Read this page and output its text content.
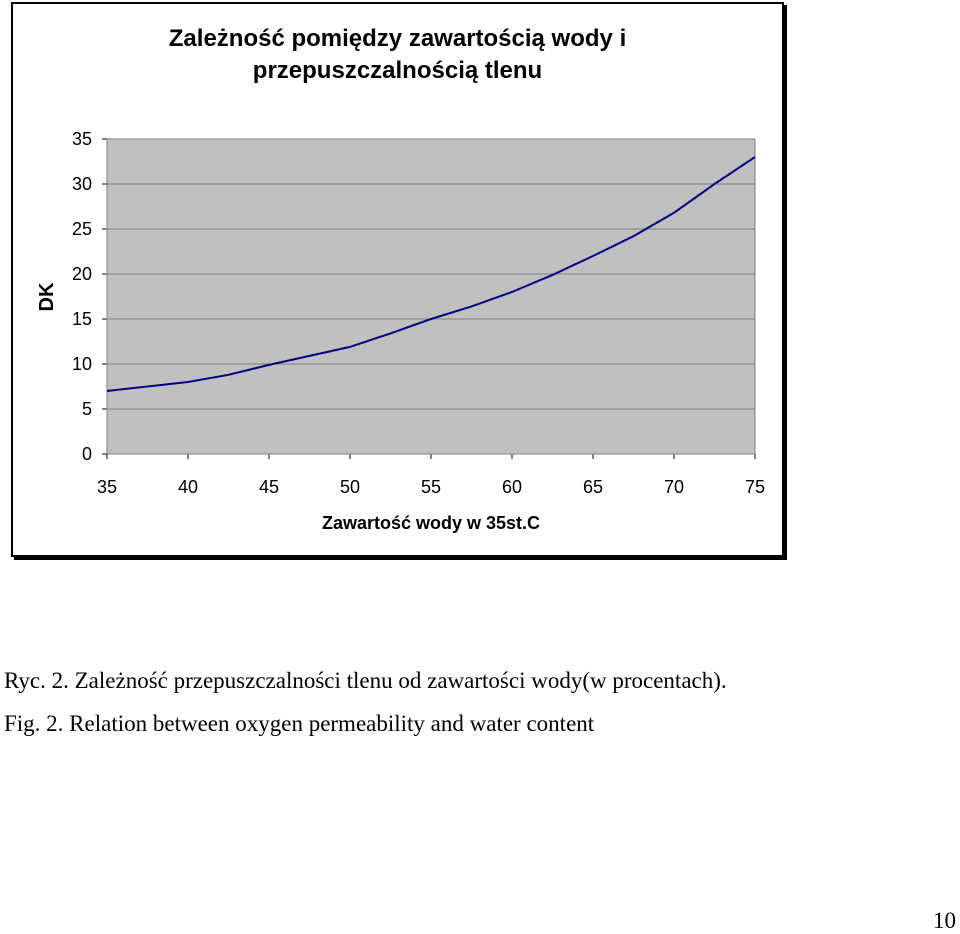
Zależność pomiędzy zawartością wody i
przepuszczalnością tlenu
0
5
10
15
20
25
30
35
35	40	45	50	55	60	65	70	75
Zawartość wody w 35st.C
DK
Ryc. 2. Zależność przepuszczalności tlenu od zawartości wody(w procentach).
Fig. 2. Relation between oxygen permeability and water content
10
